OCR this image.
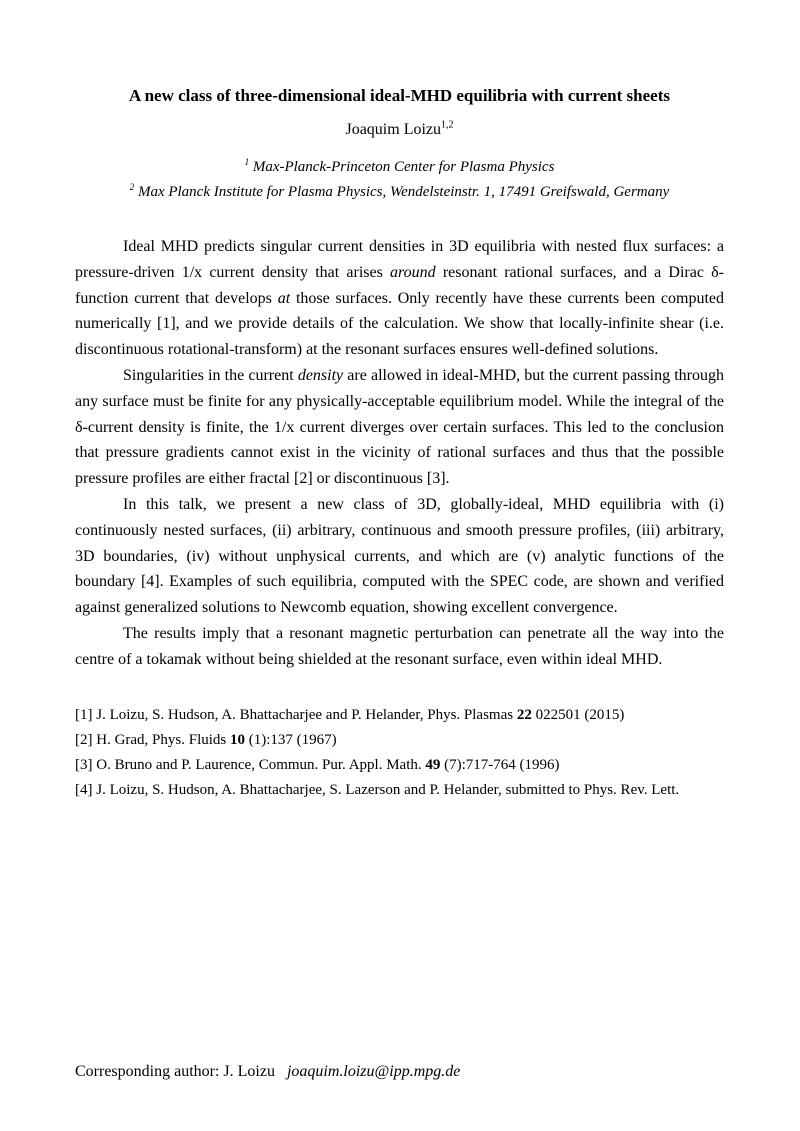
A new class of three-dimensional ideal-MHD equilibria with current sheets
Joaquim Loizu$^{1,2}$
$^1$ Max-Planck-Princeton Center for Plasma Physics
$^2$ Max Planck Institute for Plasma Physics, Wendelsteinstr. 1, 17491 Greifswald, Germany

Ideal MHD predicts singular current densities in 3D equilibria with nested flux surfaces: a pressure-driven 1/x current density that arises around resonant rational surfaces, and a Dirac δ-function current that develops at those surfaces. Only recently have these currents been computed numerically [1], and we provide details of the calculation. We show that locally-infinite shear (i.e. discontinuous rotational-transform) at the resonant surfaces ensures well-defined solutions.

Singularities in the current density are allowed in ideal-MHD, but the current passing through any surface must be finite for any physically-acceptable equilibrium model. While the integral of the δ-current density is finite, the 1/x current diverges over certain surfaces. This led to the conclusion that pressure gradients cannot exist in the vicinity of rational surfaces and thus that the possible pressure profiles are either fractal [2] or discontinuous [3].

In this talk, we present a new class of 3D, globally-ideal, MHD equilibria with (i) continuously nested surfaces, (ii) arbitrary, continuous and smooth pressure profiles, (iii) arbitrary, 3D boundaries, (iv) without unphysical currents, and which are (v) analytic functions of the boundary [4]. Examples of such equilibria, computed with the SPEC code, are shown and verified against generalized solutions to Newcomb equation, showing excellent convergence.

The results imply that a resonant magnetic perturbation can penetrate all the way into the centre of a tokamak without being shielded at the resonant surface, even within ideal MHD.

[1] J. Loizu, S. Hudson, A. Bhattacharjee and P. Helander, Phys. Plasmas 22 022501 (2015)
[2] H. Grad, Phys. Fluids 10 (1):137 (1967)
[3] O. Bruno and P. Laurence, Commun. Pur. Appl. Math. 49 (7):717-764 (1996)
[4] J. Loizu, S. Hudson, A. Bhattacharjee, S. Lazerson and P. Helander, submitted to Phys. Rev. Lett.
Corresponding author: J. Loizu joaquim.loizu@ipp.mpg.de
